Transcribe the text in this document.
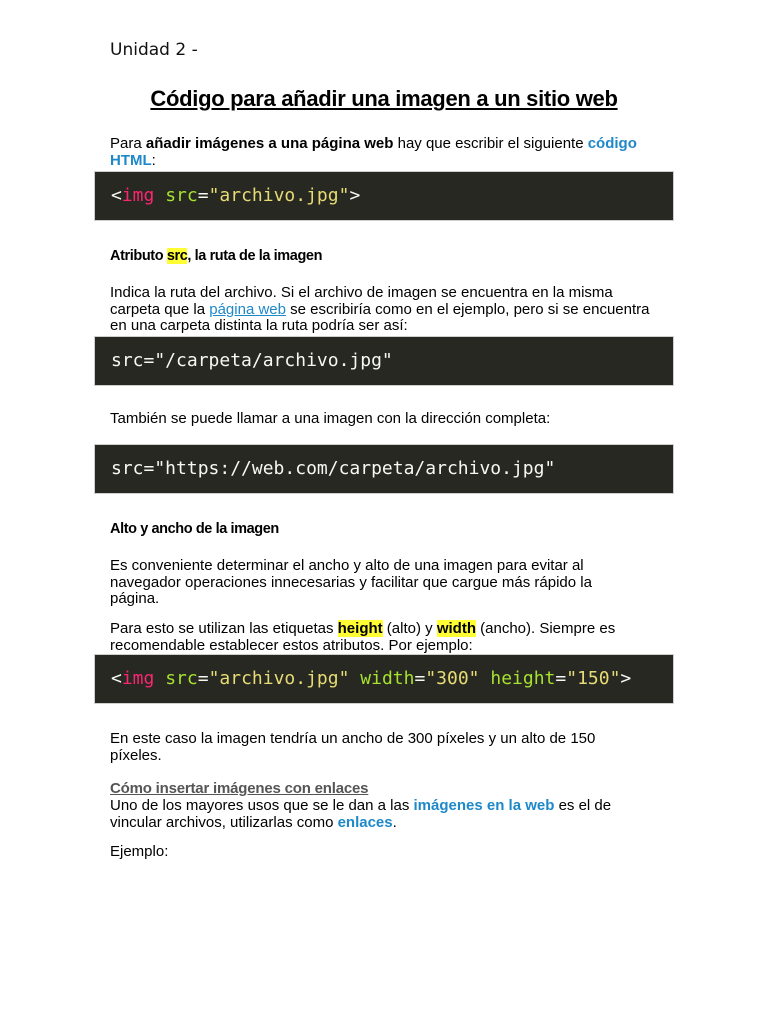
Unidad 2 -
Código para añadir una imagen a un sitio web
Para añadir imágenes a una página web hay que escribir el siguiente código HTML:
<img src="archivo.jpg">
Atributo src, la ruta de la imagen
Indica la ruta del archivo. Si el archivo de imagen se encuentra en la misma carpeta que la página web se escribiría como en el ejemplo, pero si se encuentra en una carpeta distinta la ruta podría ser así:
src="/carpeta/archivo.jpg"
También se puede llamar a una imagen con la dirección completa:
src="https://web.com/carpeta/archivo.jpg"
Alto y ancho de la imagen
Es conveniente determinar el ancho y alto de una imagen para evitar al navegador operaciones innecesarias y facilitar que cargue más rápido la página.
Para esto se utilizan las etiquetas height (alto) y width (ancho). Siempre es recomendable establecer estos atributos. Por ejemplo:
<img src="archivo.jpg" width="300" height="150">
En este caso la imagen tendría un ancho de 300 píxeles y un alto de 150 píxeles.
Cómo insertar imágenes con enlaces
Uno de los mayores usos que se le dan a las imágenes en la web es el de vincular archivos, utilizarlas como enlaces.
Ejemplo:
